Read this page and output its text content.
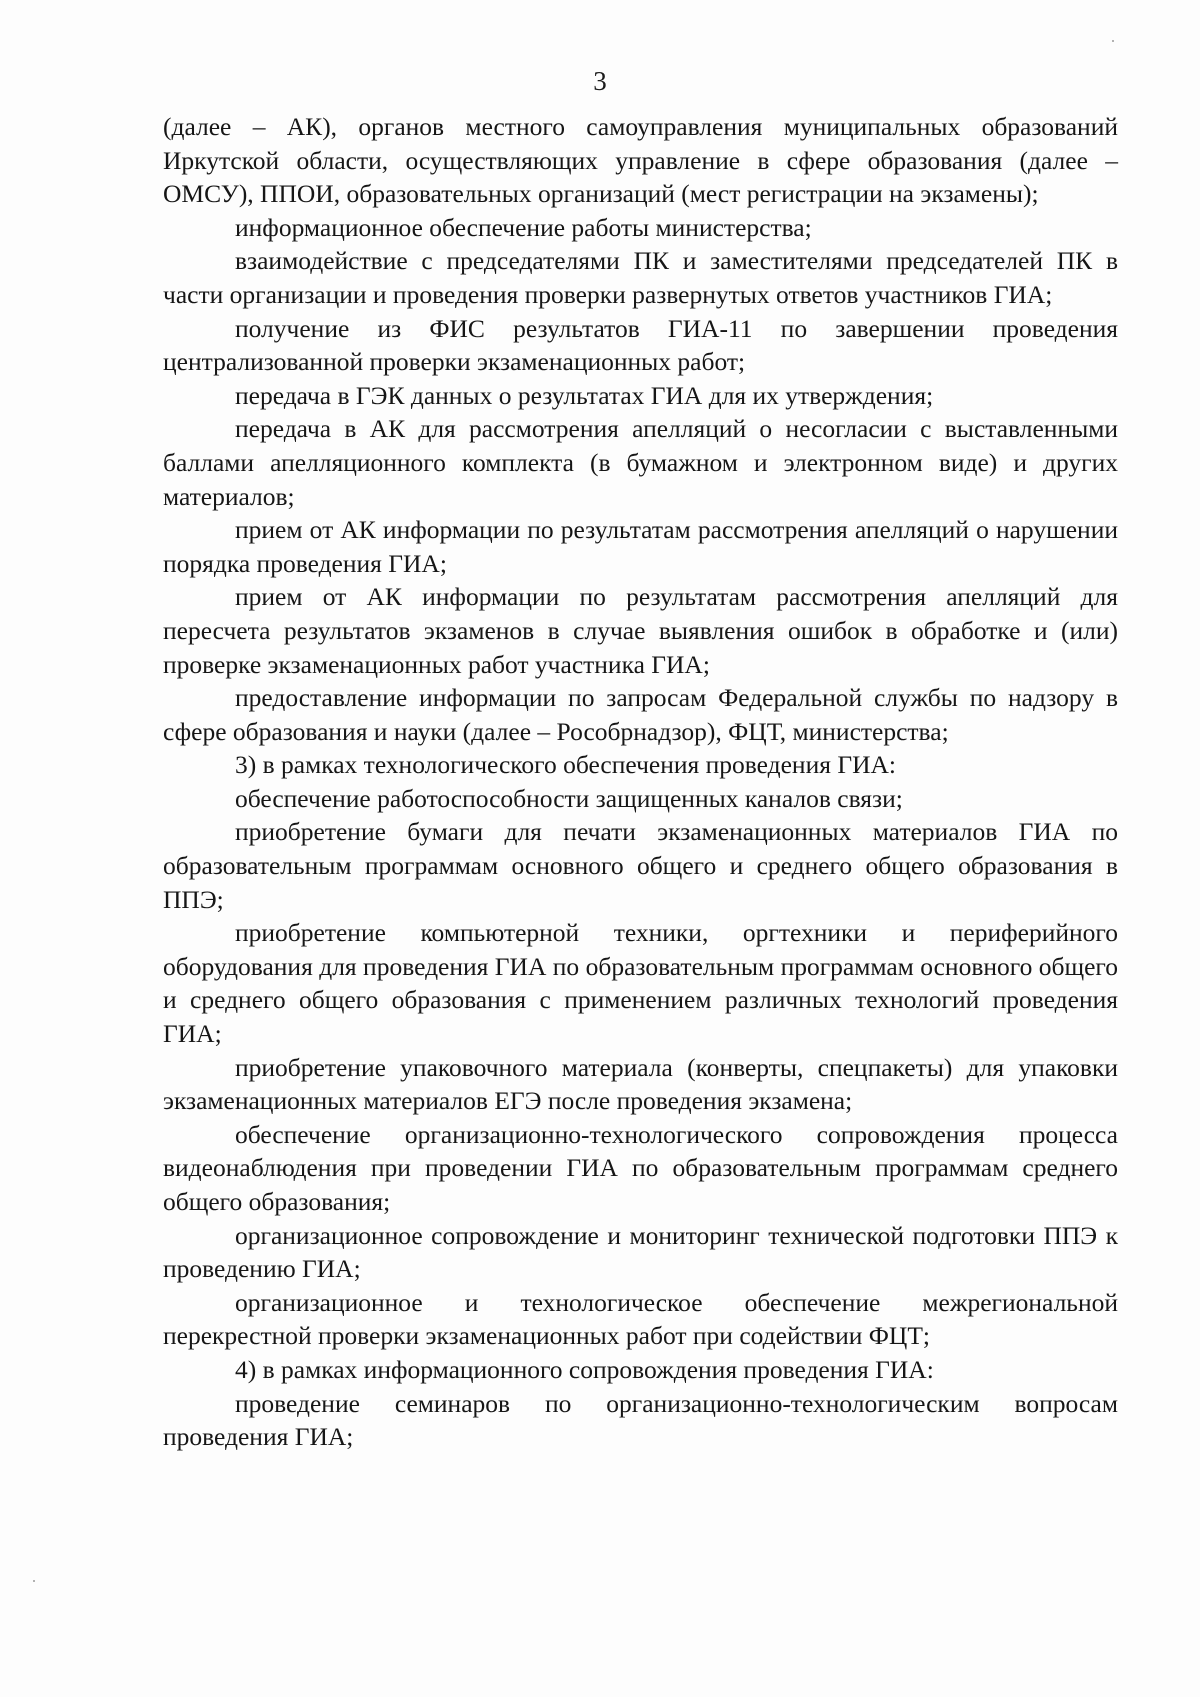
3

(далее – АК), органов местного самоуправления муниципальных образований Иркутской области, осуществляющих управление в сфере образования (далее – ОМСУ), ППОИ, образовательных организаций (мест регистрации на экзамены);

информационное обеспечение работы министерства;

взаимодействие с председателями ПК и заместителями председателей ПК в части организации и проведения проверки развернутых ответов участников ГИА;

получение из ФИС результатов ГИА-11 по завершении проведения централизованной проверки экзаменационных работ;

передача в ГЭК данных о результатах ГИА для их утверждения;

передача в АК для рассмотрения апелляций о несогласии с выставленными баллами апелляционного комплекта (в бумажном и электронном виде) и других материалов;

прием от АК информации по результатам рассмотрения апелляций о нарушении порядка проведения ГИА;

прием от АК информации по результатам рассмотрения апелляций для пересчета результатов экзаменов в случае выявления ошибок в обработке и (или) проверке экзаменационных работ участника ГИА;

предоставление информации по запросам Федеральной службы по надзору в сфере образования и науки (далее – Рособрнадзор), ФЦТ, министерства;

3) в рамках технологического обеспечения проведения ГИА:

обеспечение работоспособности защищенных каналов связи;

приобретение бумаги для печати экзаменационных материалов ГИА по образовательным программам основного общего и среднего общего образования в ППЭ;

приобретение компьютерной техники, оргтехники и периферийного оборудования для проведения ГИА по образовательным программам основного общего и среднего общего образования с применением различных технологий проведения ГИА;

приобретение упаковочного материала (конверты, спецпакеты) для упаковки экзаменационных материалов ЕГЭ после проведения экзамена;

обеспечение организационно-технологического сопровождения процесса видеонаблюдения при проведении ГИА по образовательным программам среднего общего образования;

организационное сопровождение и мониторинг технической подготовки ППЭ к проведению ГИА;

организационное и технологическое обеспечение межрегиональной перекрестной проверки экзаменационных работ при содействии ФЦТ;

4) в рамках информационного сопровождения проведения ГИА:

проведение семинаров по организационно-технологическим вопросам проведения ГИА;
